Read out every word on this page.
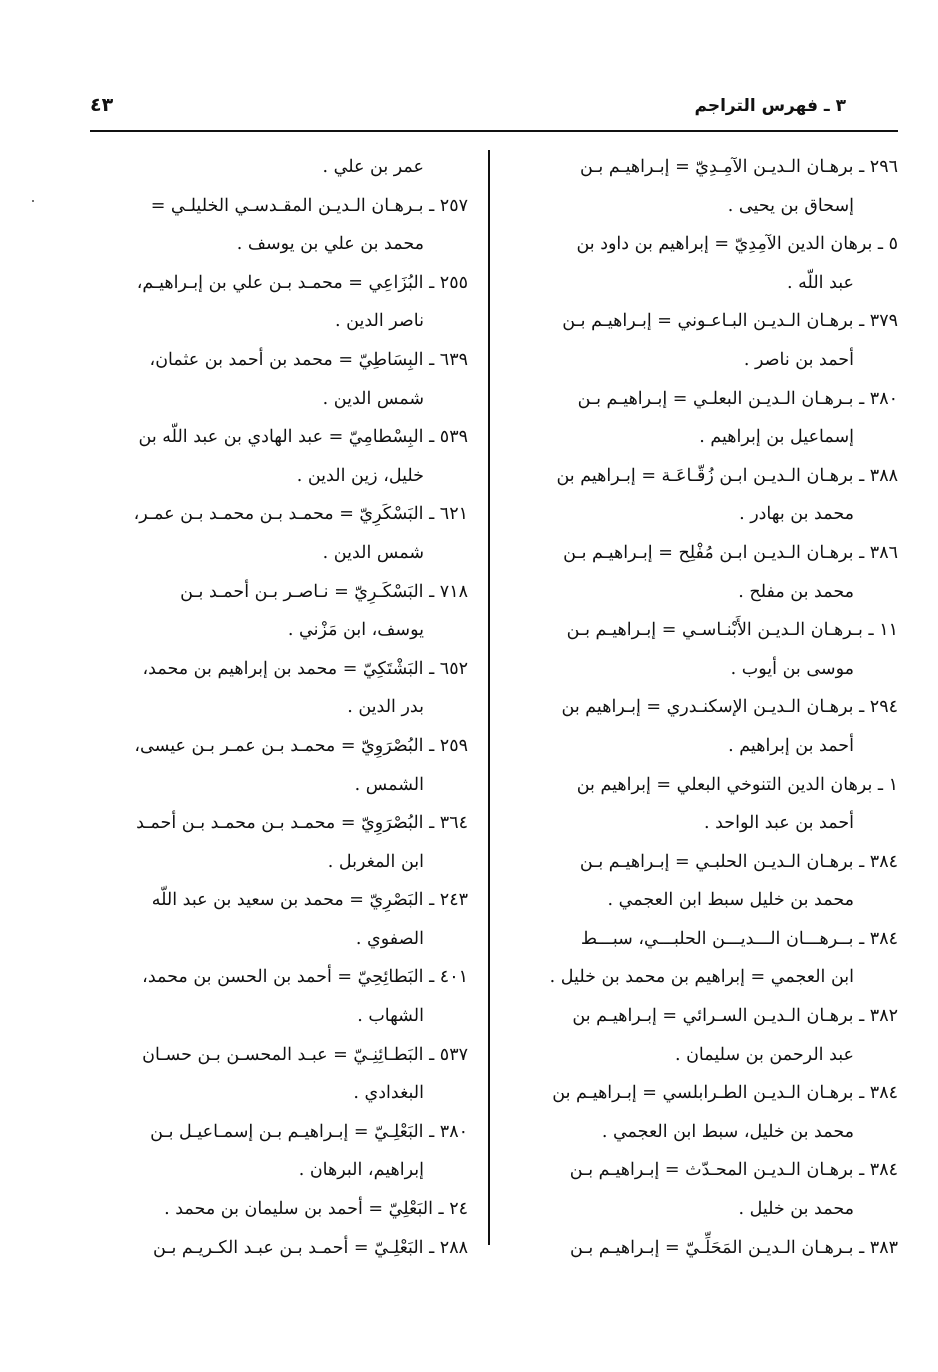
٣ ـ فهرس التراجم
٤٣
٢٩٦ ـ برهـان الـديـن الآمِـدِيّ = إبـراهيـم بـن
إسحاق بن يحيى .
٥ ـ برهان الدين الآمِدِيّ = إبراهيم بن داود بن
عبد اللّه .
٣٧٩ ـ برهـان الـديـن البـاعـوني = إبـراهيـم بـن
أحمد بن ناصر .
٣٨٠ ـ بـرهـان الـديـن البعلـي = إبـراهيـم بـن
إسماعيل بن إبراهيم .
٣٨٨ ـ برهـان الـديـن ابـن زُقّـاعَـة = إبـراهيم بن
محمد بن بهادر .
٣٨٦ ـ برهـان الـديـن ابـن مُفْلِح = إبـراهيـم بـن
محمد بن مفلح .
١١ ـ بـرهـان الـديـن الأَبْنـاسـي = إبـراهيـم بـن
موسى بن أيوب .
٢٩٤ ـ برهـان الـديـن الإسكنـدري = إبـراهيم بن
أحمد بن إبراهيم .
١ ـ برهان الدين التنوخي البعلي = إبراهيم بن
أحمد بن عبد الواحد .
٣٨٤ ـ برهـان الـديـن الحلبـي = إبـراهيـم بـن
محمد بن خليل سبط ابن العجمي .
٣٨٤ ـ بــرهـــان الـــديـــن الحلبـــي، سبـــط
ابن العجمي = إبراهيم بن محمد بن خليل .
٣٨٢ ـ برهـان الـديـن السـرائي = إبـراهيـم بن
عبد الرحمن بن سليمان .
٣٨٤ ـ برهـان الـديـن الطـرابلسي = إبـراهيـم بن
محمد بن خليل، سبط ابن العجمي .
٣٨٤ ـ برهـان الـديـن المحـدّث = إبـراهيـم بـن
محمد بن خليل .
٣٨٣ ـ بـرهـان الـديـن المَحَلِّـيّ = إبـراهيـم بـن
عمر بن علي .
٢٥٧ ـ بـرهـان الـديـن المقـدسـي الخليلـي =
محمد بن علي بن يوسف .
٢٥٥ ـ البُزَاعِي = محمـد بـن علي بن إبـراهيـم،
ناصر الدين .
٦٣٩ ـ البِسَاطِيّ = محمد بن أحمد بن عثمان،
شمس الدين .
٥٣٩ ـ البِسْطامِيّ = عبد الهادي بن عبد اللّه بن
خليل، زين الدين .
٦٢١ ـ البَسْكَرِيّ = محمـد بـن محمـد بـن عمـر،
شمس الدين .
٧١٨ ـ البَسْكَـرِيّ = نـاصـر بـن أحمـد بـن
يوسف، ابن مَزْني .
٦٥٢ ـ البَشْتَكِيّ = محمد بن إبراهيم بن محمد،
بدر الدين .
٢٥٩ ـ البُصْرَوِيّ = محمـد بـن عمـر بـن عيسى،
الشمس .
٣٦٤ ـ البُصْرَوِيّ = محمـد بـن محمـد بـن أحمـد
ابن المغربل .
٢٤٣ ـ البَصْرِيّ = محمد بن سعيد بن عبد اللّه
الصفوي .
٤٠١ ـ البَطائِحِيّ = أحمد بن الحسن بن محمد،
الشهاب .
٥٣٧ ـ البَطـائِنِـيّ = عبـد المحسـن بـن حسـان
البغدادي .
٣٨٠ ـ البَعْلِـيّ = إبـراهيـم بـن إسمـاعيـل بـن
إبراهيم، البرهان .
٢٤ ـ البَعْلِيّ = أحمد بن سليمان بن محمد .
٢٨٨ ـ البَعْلِـيّ = أحمـد بـن عبـد الكـريـم بـن
